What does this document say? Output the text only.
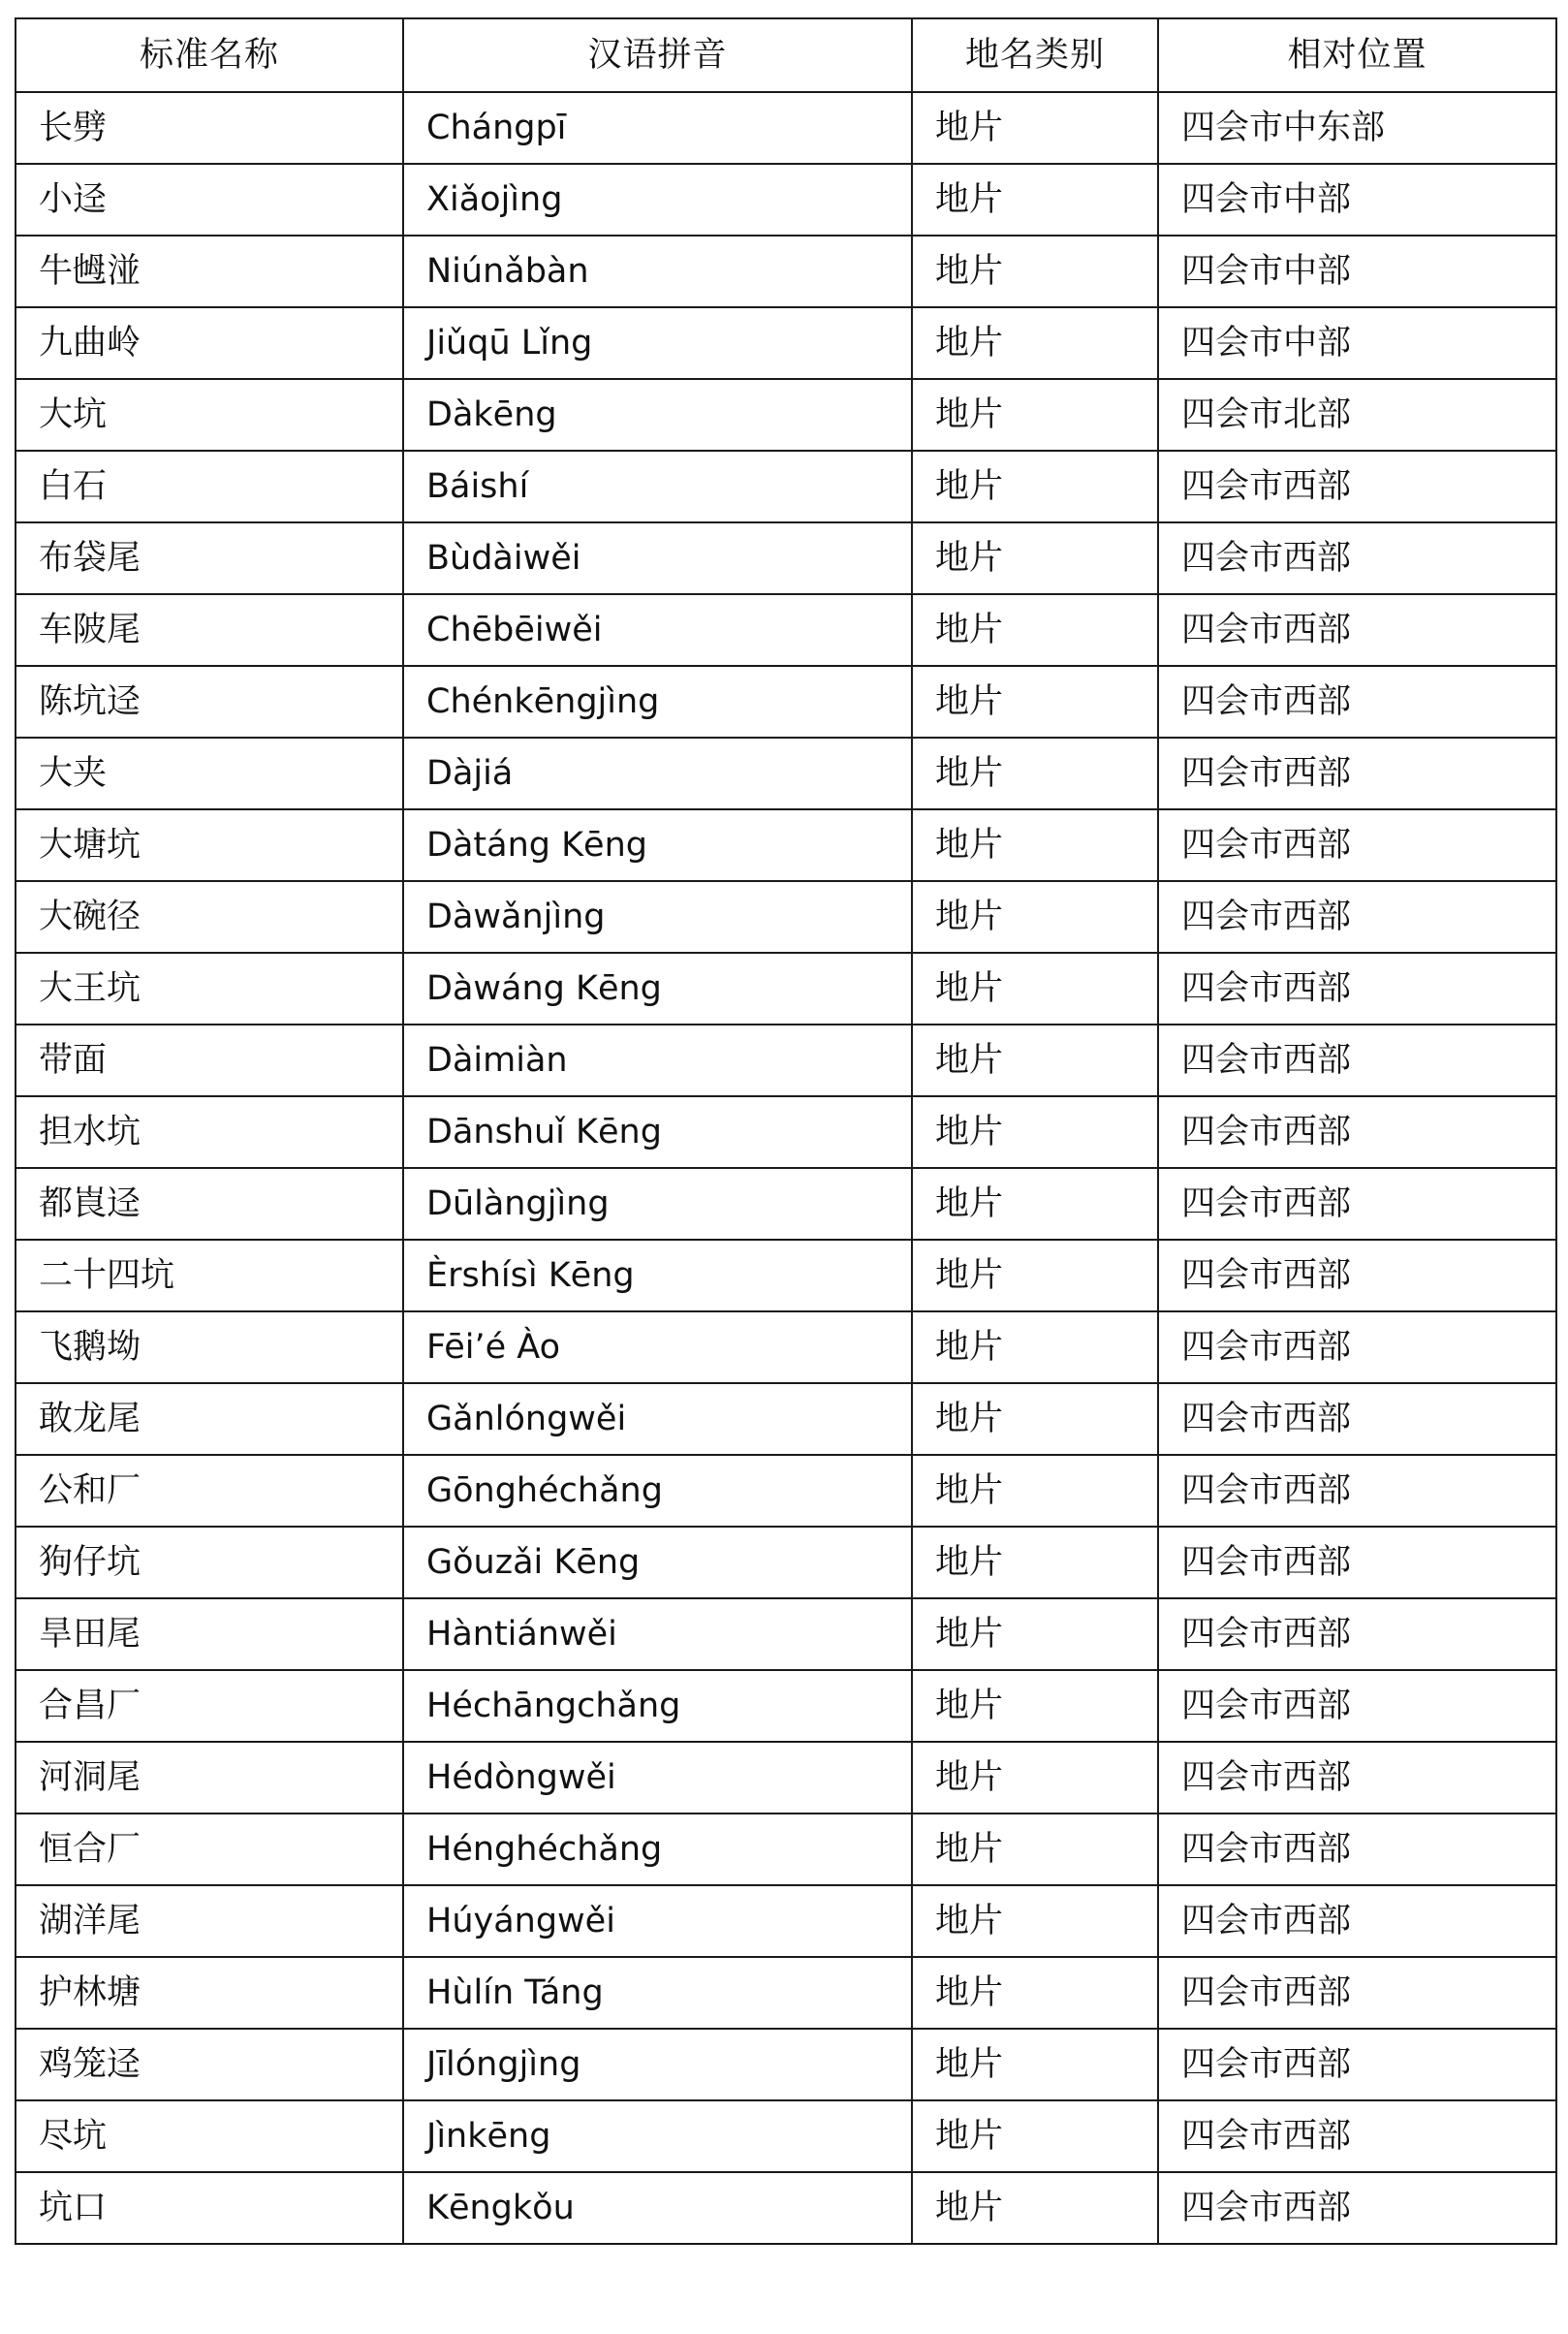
标准名称	汉语拼音	地名类别	相对位置
长劈	Chángpī	地片	四会市中东部
小迳	Xiǎojìng	地片	四会市中部
牛乸湴	Niúnǎbàn	地片	四会市中部
九曲岭	Jiǔqū Lǐng	地片	四会市中部
大坑	Dàkēng	地片	四会市北部
白石	Báishí	地片	四会市西部
布袋尾	Bùdàiwěi	地片	四会市西部
车陂尾	Chēbēiwěi	地片	四会市西部
陈坑迳	Chénkēngjìng	地片	四会市西部
大夹	Dàjiá	地片	四会市西部
大塘坑	Dàtáng Kēng	地片	四会市西部
大碗径	Dàwǎnjìng	地片	四会市西部
大王坑	Dàwáng Kēng	地片	四会市西部
带面	Dàimiàn	地片	四会市西部
担水坑	Dānshuǐ Kēng	地片	四会市西部
都崀迳	Dūlàngjìng	地片	四会市西部
二十四坑	Èrshísì Kēng	地片	四会市西部
飞鹅坳	Fēi’é Ào	地片	四会市西部
敢龙尾	Gǎnlóngwěi	地片	四会市西部
公和厂	Gōnghéchǎng	地片	四会市西部
狗仔坑	Gǒuzǎi Kēng	地片	四会市西部
旱田尾	Hàntiánwěi	地片	四会市西部
合昌厂	Héchāngchǎng	地片	四会市西部
河洞尾	Hédòngwěi	地片	四会市西部
恒合厂	Hénghéchǎng	地片	四会市西部
湖洋尾	Húyángwěi	地片	四会市西部
护林塘	Hùlín Táng	地片	四会市西部
鸡笼迳	Jīlóngjìng	地片	四会市西部
尽坑	Jìnkēng	地片	四会市西部
坑口	Kēngkǒu	地片	四会市西部
